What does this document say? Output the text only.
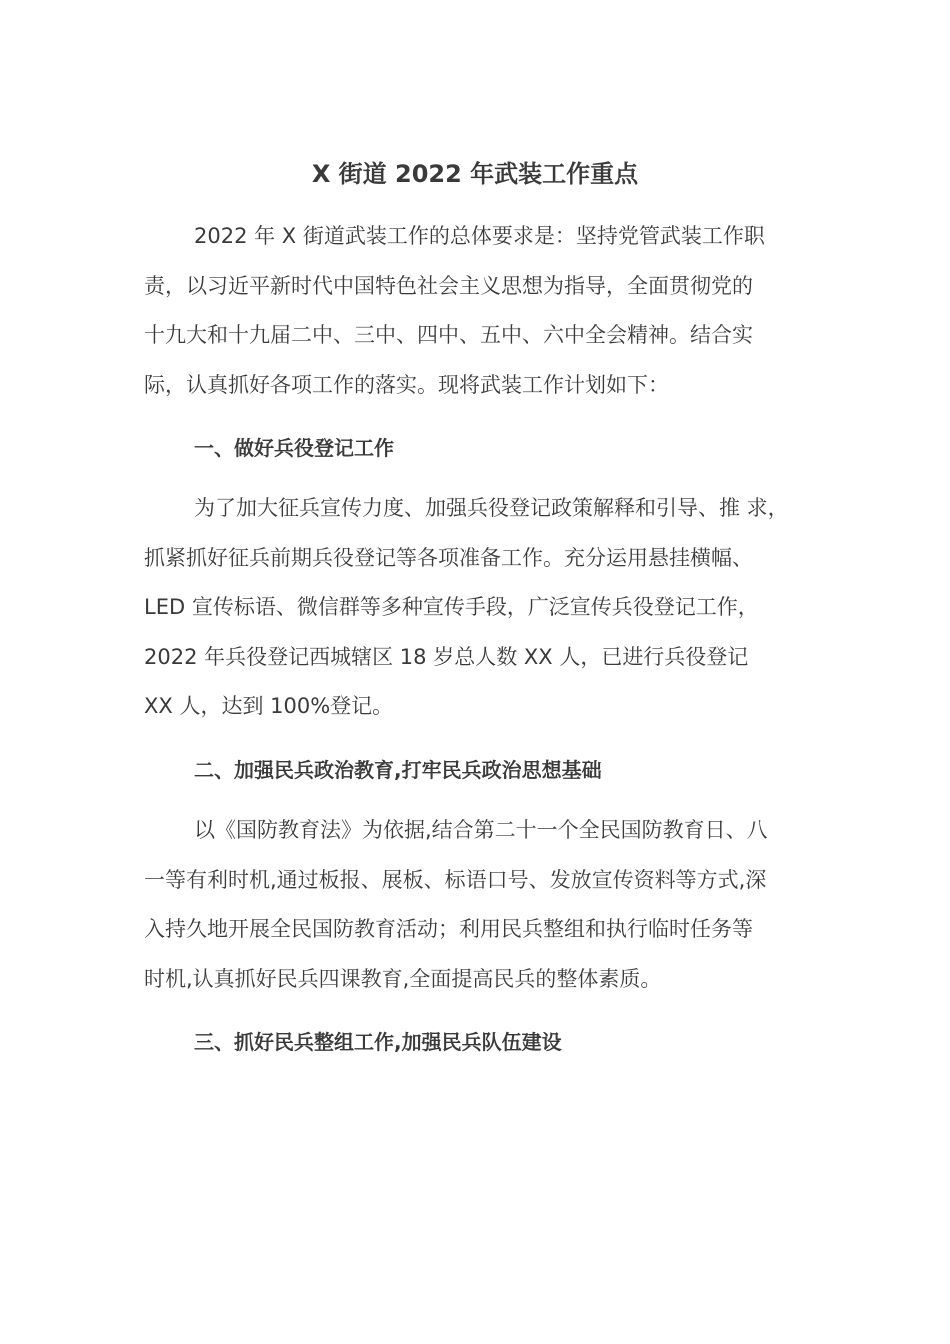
X 街道 2022 年武装工作重点
2022 年 X 街道武装工作的总体要求是：坚持党管武装工作职
责，以习近平新时代中国特色社会主义思想为指导，全面贯彻党的
十九大和十九届二中、三中、四中、五中、六中全会精神。结合实
际，认真抓好各项工作的落实。现将武装工作计划如下：
一、做好兵役登记工作
为了加大征兵宣传力度、加强兵役登记政策解释和引导、推 求，
抓紧抓好征兵前期兵役登记等各项准备工作。充分运用悬挂横幅、
LED 宣传标语、微信群等多种宣传手段，广泛宣传兵役登记工作，
2022 年兵役登记西城辖区 18 岁总人数 XX 人，已进行兵役登记
XX 人，达到 100%登记。
二、加强民兵政治教育,打牢民兵政治思想基础
以《国防教育法》为依据,结合第二十一个全民国防教育日、八
一等有利时机,通过板报、展板、标语口号、发放宣传资料等方式,深
入持久地开展全民国防教育活动；利用民兵整组和执行临时任务等
时机,认真抓好民兵四课教育,全面提高民兵的整体素质。
三、抓好民兵整组工作,加强民兵队伍建设
